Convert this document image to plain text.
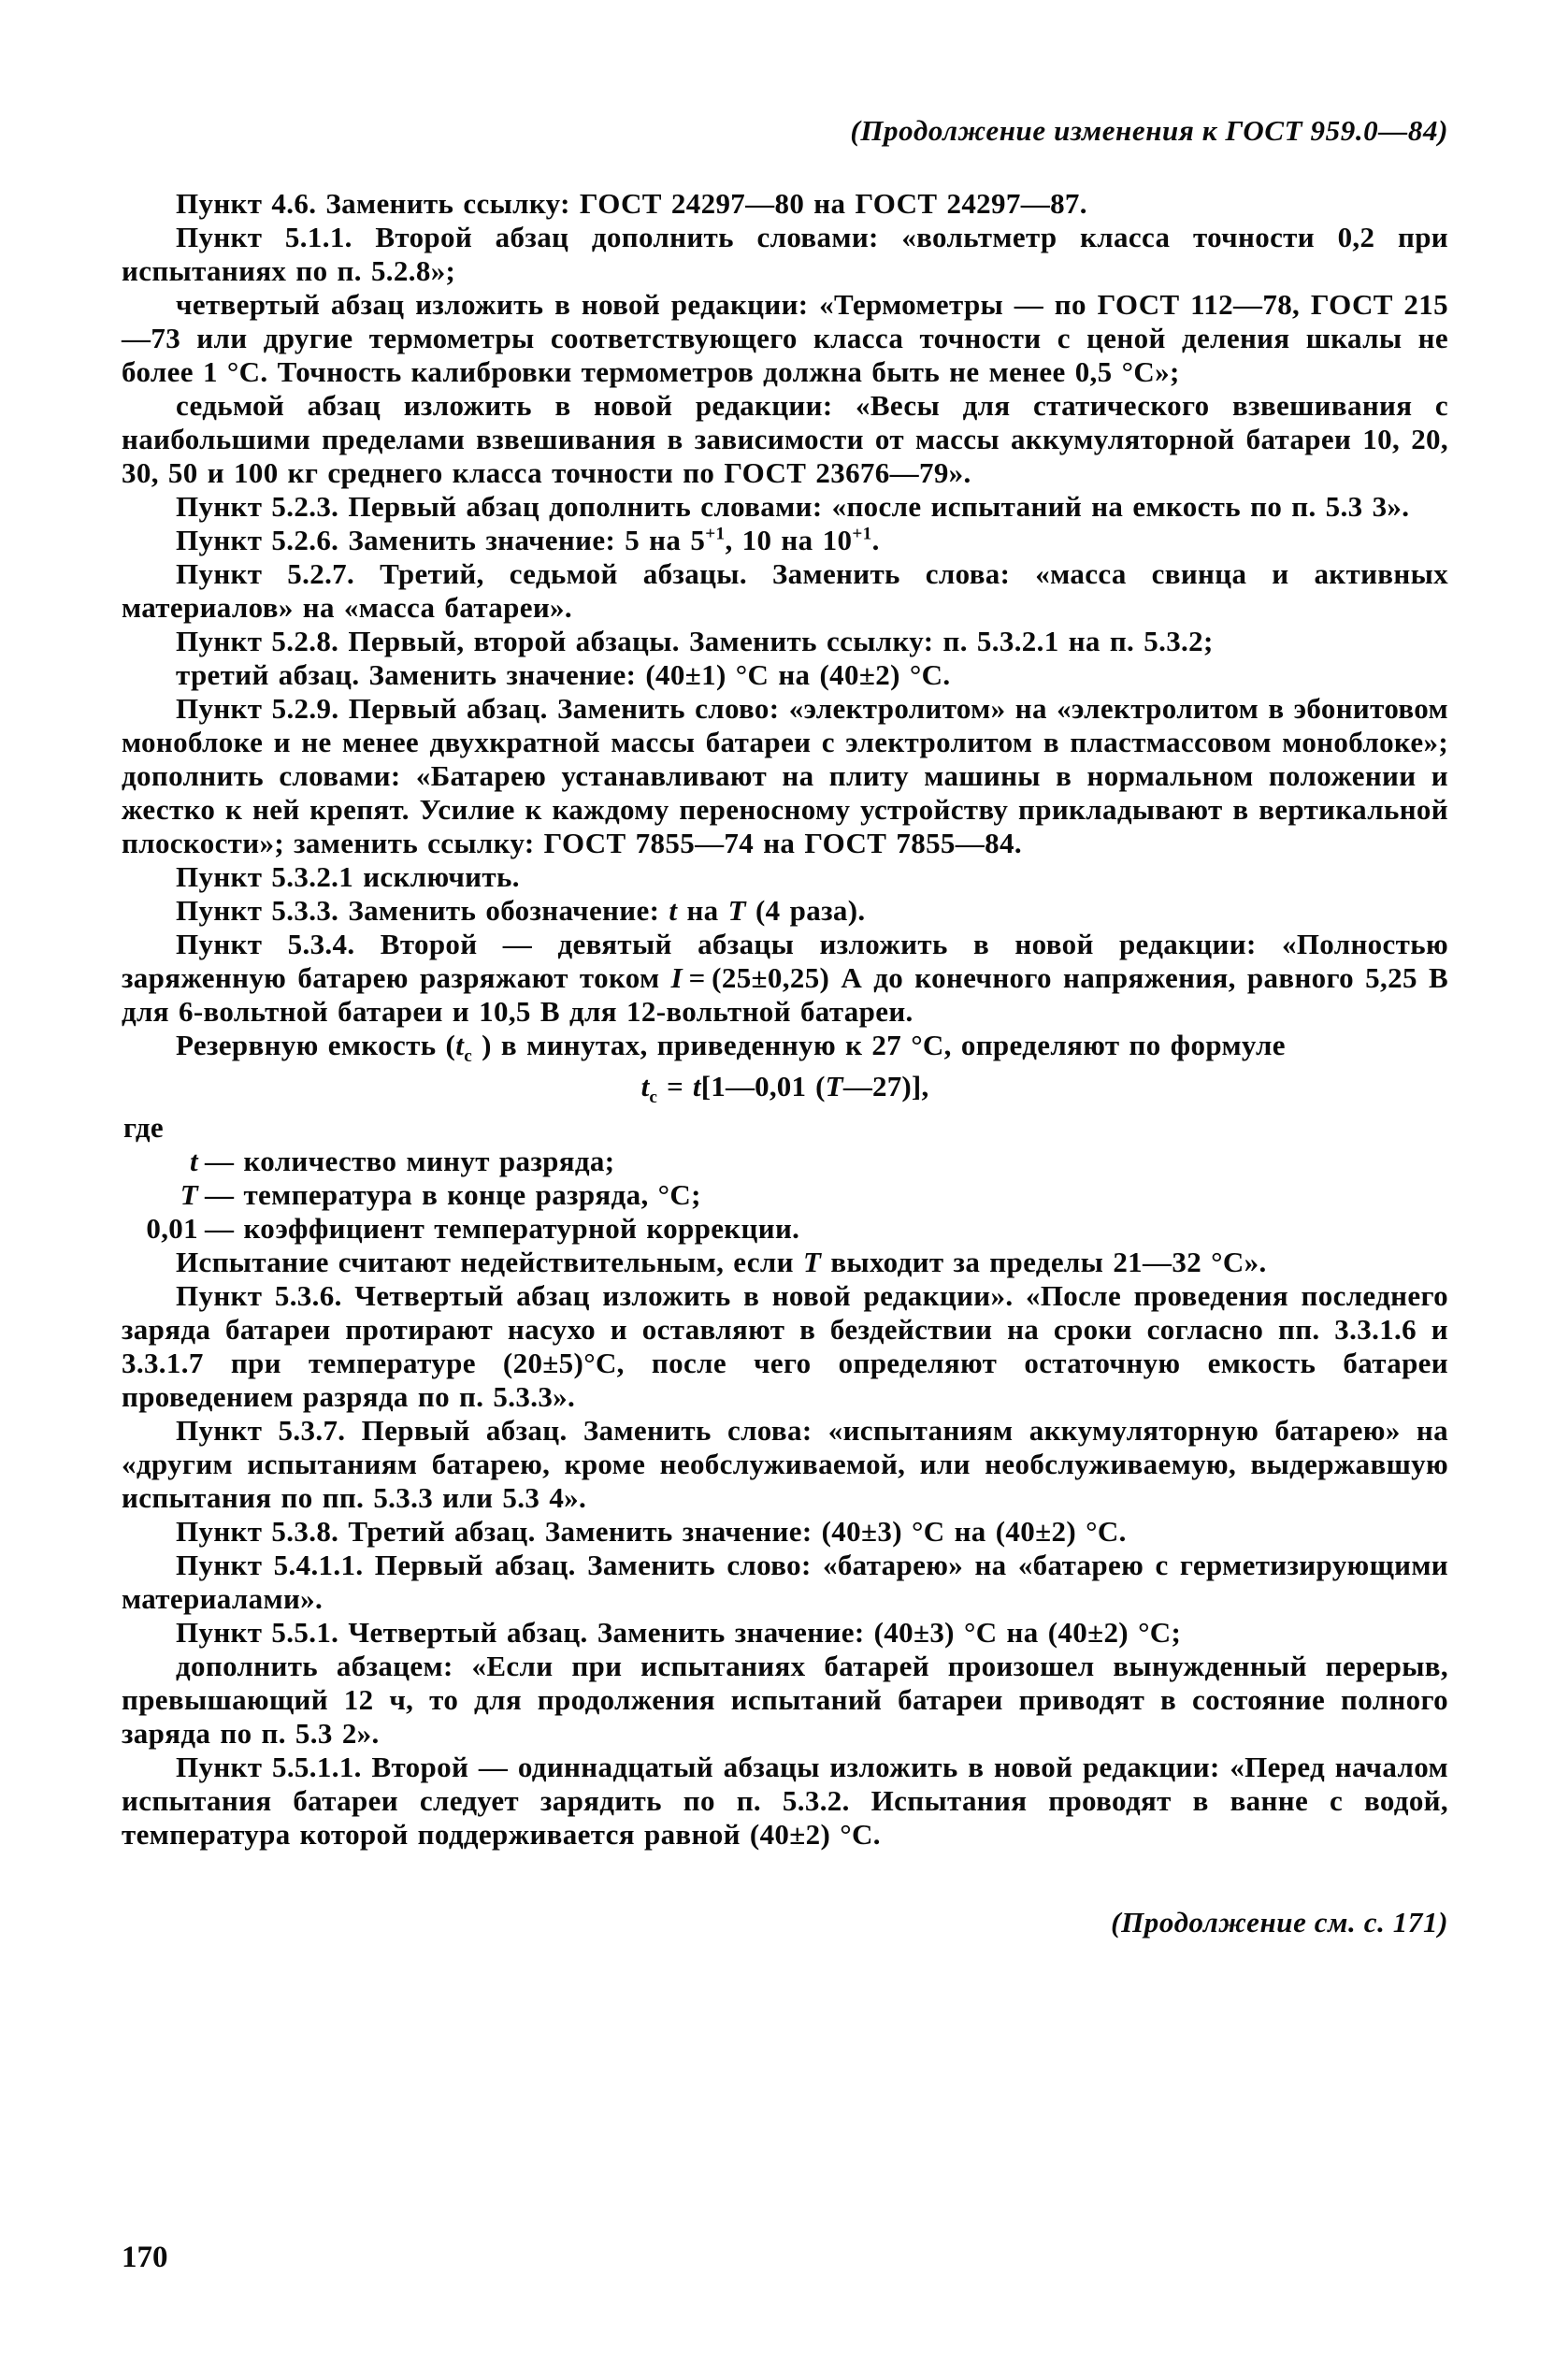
(Продолжение изменения к ГОСТ 959.0—84)

Пункт 4.6. Заменить ссылку: ГОСТ 24297—80 на ГОСТ 24297—87.

Пункт 5.1.1. Второй абзац дополнить словами: «вольтметр класса точности 0,2 при испытаниях по п. 5.2.8»;

четвертый абзац изложить в новой редакции: «Термометры — по ГОСТ 112—78, ГОСТ 215—73 или другие термометры соответствующего класса точности с ценой деления шкалы не более 1 °C. Точность калибровки термометров должна быть не менее 0,5 °C»;

седьмой абзац изложить в новой редакции: «Весы для статического взвешивания с наибольшими пределами взвешивания в зависимости от массы аккумуляторной батареи 10, 20, 30, 50 и 100 кг среднего класса точности по ГОСТ 23676—79».

Пункт 5.2.3. Первый абзац дополнить словами: «после испытаний на емкость по п. 5.3 3».

Пункт 5.2.6. Заменить значение: 5 на $5^{+1}$, 10 на $10^{+1}$.

Пункт 5.2.7. Третий, седьмой абзацы. Заменить слова: «масса свинца и активных материалов» на «масса батареи».

Пункт 5.2.8. Первый, второй абзацы. Заменить ссылку: п. 5.3.2.1 на п. 5.3.2;

третий абзац. Заменить значение: (40±1) °C на (40±2) °C.

Пункт 5.2.9. Первый абзац. Заменить слово: «электролитом» на «электролитом в эбонитовом моноблоке и не менее двухкратной массы батареи с электролитом в пластмассовом моноблоке»; дополнить словами: «Батарею устанавливают на плиту машины в нормальном положении и жестко к ней крепят. Усилие к каждому переносному устройству прикладывают в вертикальной плоскости»; заменить ссылку: ГОСТ 7855—74 на ГОСТ 7855—84.

Пункт 5.3.2.1 исключить.

Пункт 5.3.3. Заменить обозначение: t на T (4 раза).

Пункт 5.3.4. Второй — девятый абзацы изложить в новой редакции: «Полностью заряженную батарею разряжают током I = (25±0,25) А до конечного напряжения, равного 5,25 В для 6-вольтной батареи и 10,5 В для 12-вольтной батареи.

Резервную емкость ($t_с$ ) в минутах, приведенную к 27 °C, определяют по формуле

$t_с$ = t[1—0,01 (T—27)],

где

t — количество минут разряда;

T — температура в конце разряда, °C;

0,01 — коэффициент температурной коррекции.

Испытание считают недействительным, если T выходит за пределы 21—32 °C».

Пункт 5.3.6. Четвертый абзац изложить в новой редакции». «После проведения последнего заряда батареи протирают насухо и оставляют в бездействии на сроки согласно пп. 3.3.1.6 и 3.3.1.7 при температуре (20±5)°C, после чего определяют остаточную емкость батареи проведением разряда по п. 5.3.3».

Пункт 5.3.7. Первый абзац. Заменить слова: «испытаниям аккумуляторную батарею» на «другим испытаниям батарею, кроме необслуживаемой, или необслуживаемую, выдержавшую испытания по пп. 5.3.3 или 5.3 4».

Пункт 5.3.8. Третий абзац. Заменить значение: (40±3) °C на (40±2) °C.

Пункт 5.4.1.1. Первый абзац. Заменить слово: «батарею» на «батарею с герметизирующими материалами».

Пункт 5.5.1. Четвертый абзац. Заменить значение: (40±3) °C на (40±2) °C;

дополнить абзацем: «Если при испытаниях батарей произошел вынужденный перерыв, превышающий 12 ч, то для продолжения испытаний батареи приводят в состояние полного заряда по п. 5.3 2».

Пункт 5.5.1.1. Второй — одиннадцатый абзацы изложить в новой редакции: «Перед началом испытания батареи следует зарядить по п. 5.3.2. Испытания проводят в ванне с водой, температура которой поддерживается равной (40±2) °C.

(Продолжение см. с. 171)

170
